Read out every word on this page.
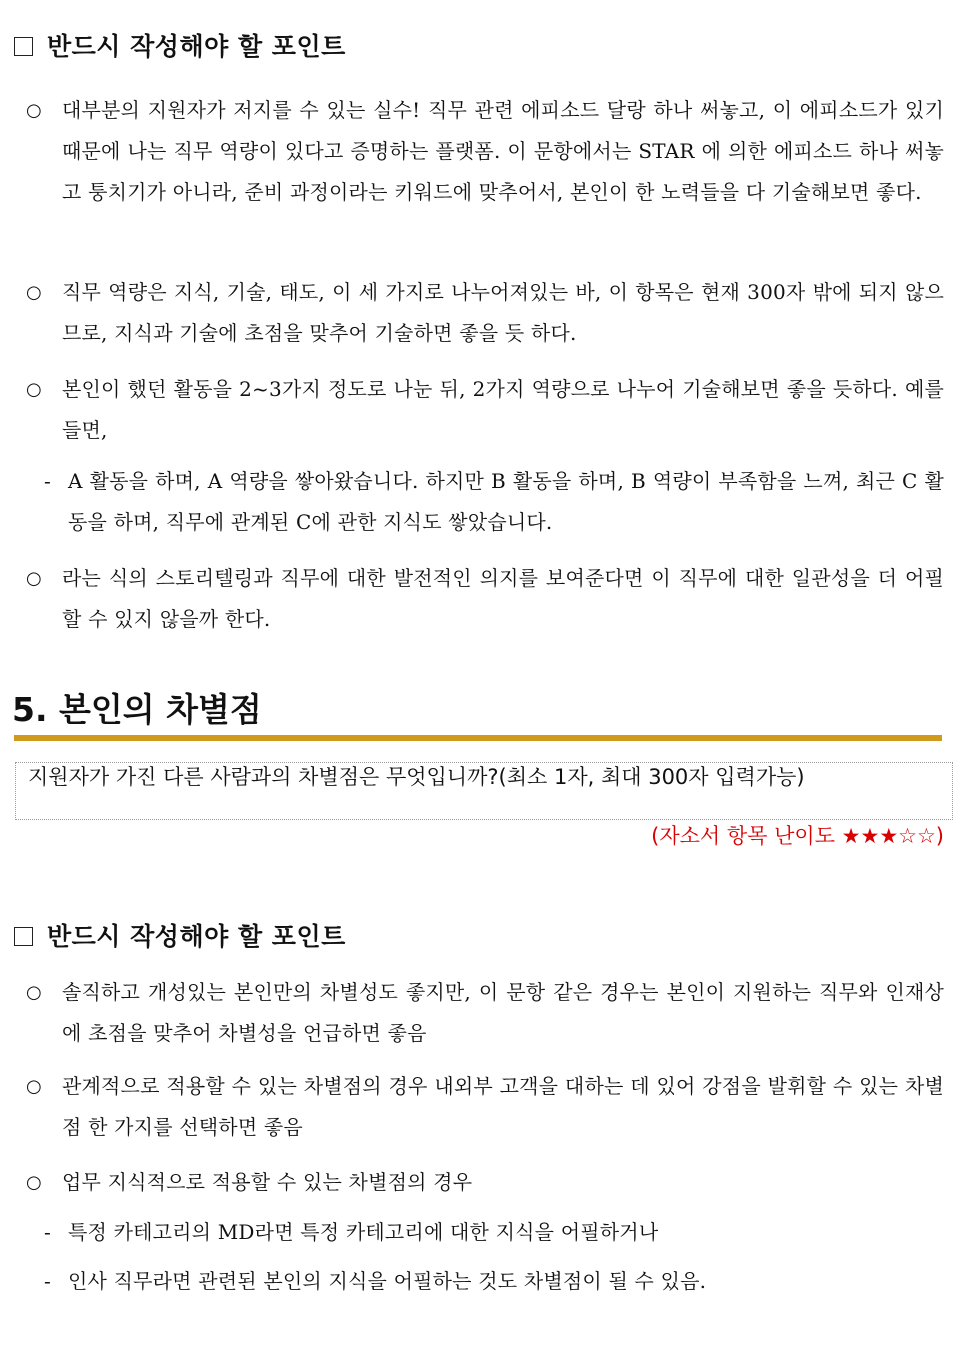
반드시 작성해야 할 포인트
○	대부분의 지원자가 저지를 수 있는 실수! 직무 관련 에피소드 달랑 하나 써놓고, 이 에피소드가 있기 때문에 나는 직무 역량이 있다고 증명하는 플랫폼. 이 문항에서는 STAR 에 의한 에피소드 하나 써놓고 퉁치기가 아니라, 준비 과정이라는 키워드에 맞추어서, 본인이 한 노력들을 다 기술해보면 좋다.
○	직무 역량은 지식, 기술, 태도, 이 세 가지로 나누어져있는 바, 이 항목은 현재 300자 밖에 되지 않으므로, 지식과 기술에 초점을 맞추어 기술하면 좋을 듯 하다.
○	본인이 했던 활동을 2~3가지 정도로 나눈 뒤, 2가지 역량으로 나누어 기술해보면 좋을 듯하다. 예를 들면,
- A 활동을 하며, A 역량을 쌓아왔습니다. 하지만 B 활동을 하며, B 역량이 부족함을 느껴, 최근 C 활동을 하며, 직무에 관계된 C에 관한 지식도 쌓았습니다.
○	라는 식의 스토리텔링과 직무에 대한 발전적인 의지를 보여준다면 이 직무에 대한 일관성을 더 어필할 수 있지 않을까 한다.
5. 본인의 차별점

지원자가 가진 다른 사람과의 차별점은 무엇입니까?(최소 1자, 최대 300자 입력가능)

(자소서 항목 난이도 ★★★☆☆)

반드시 작성해야 할 포인트
○	솔직하고 개성있는 본인만의 차별성도 좋지만, 이 문항 같은 경우는 본인이 지원하는 직무와 인재상에 초점을 맞추어 차별성을 언급하면 좋음
○	관계적으로 적용할 수 있는 차별점의 경우 내외부 고객을 대하는 데 있어 강점을 발휘할 수 있는 차별점 한 가지를 선택하면 좋음
○	업무 지식적으로 적용할 수 있는 차별점의 경우
- 특정 카테고리의 MD라면 특정 카테고리에 대한 지식을 어필하거나
- 인사 직무라면 관련된 본인의 지식을 어필하는 것도 차별점이 될 수 있음.
